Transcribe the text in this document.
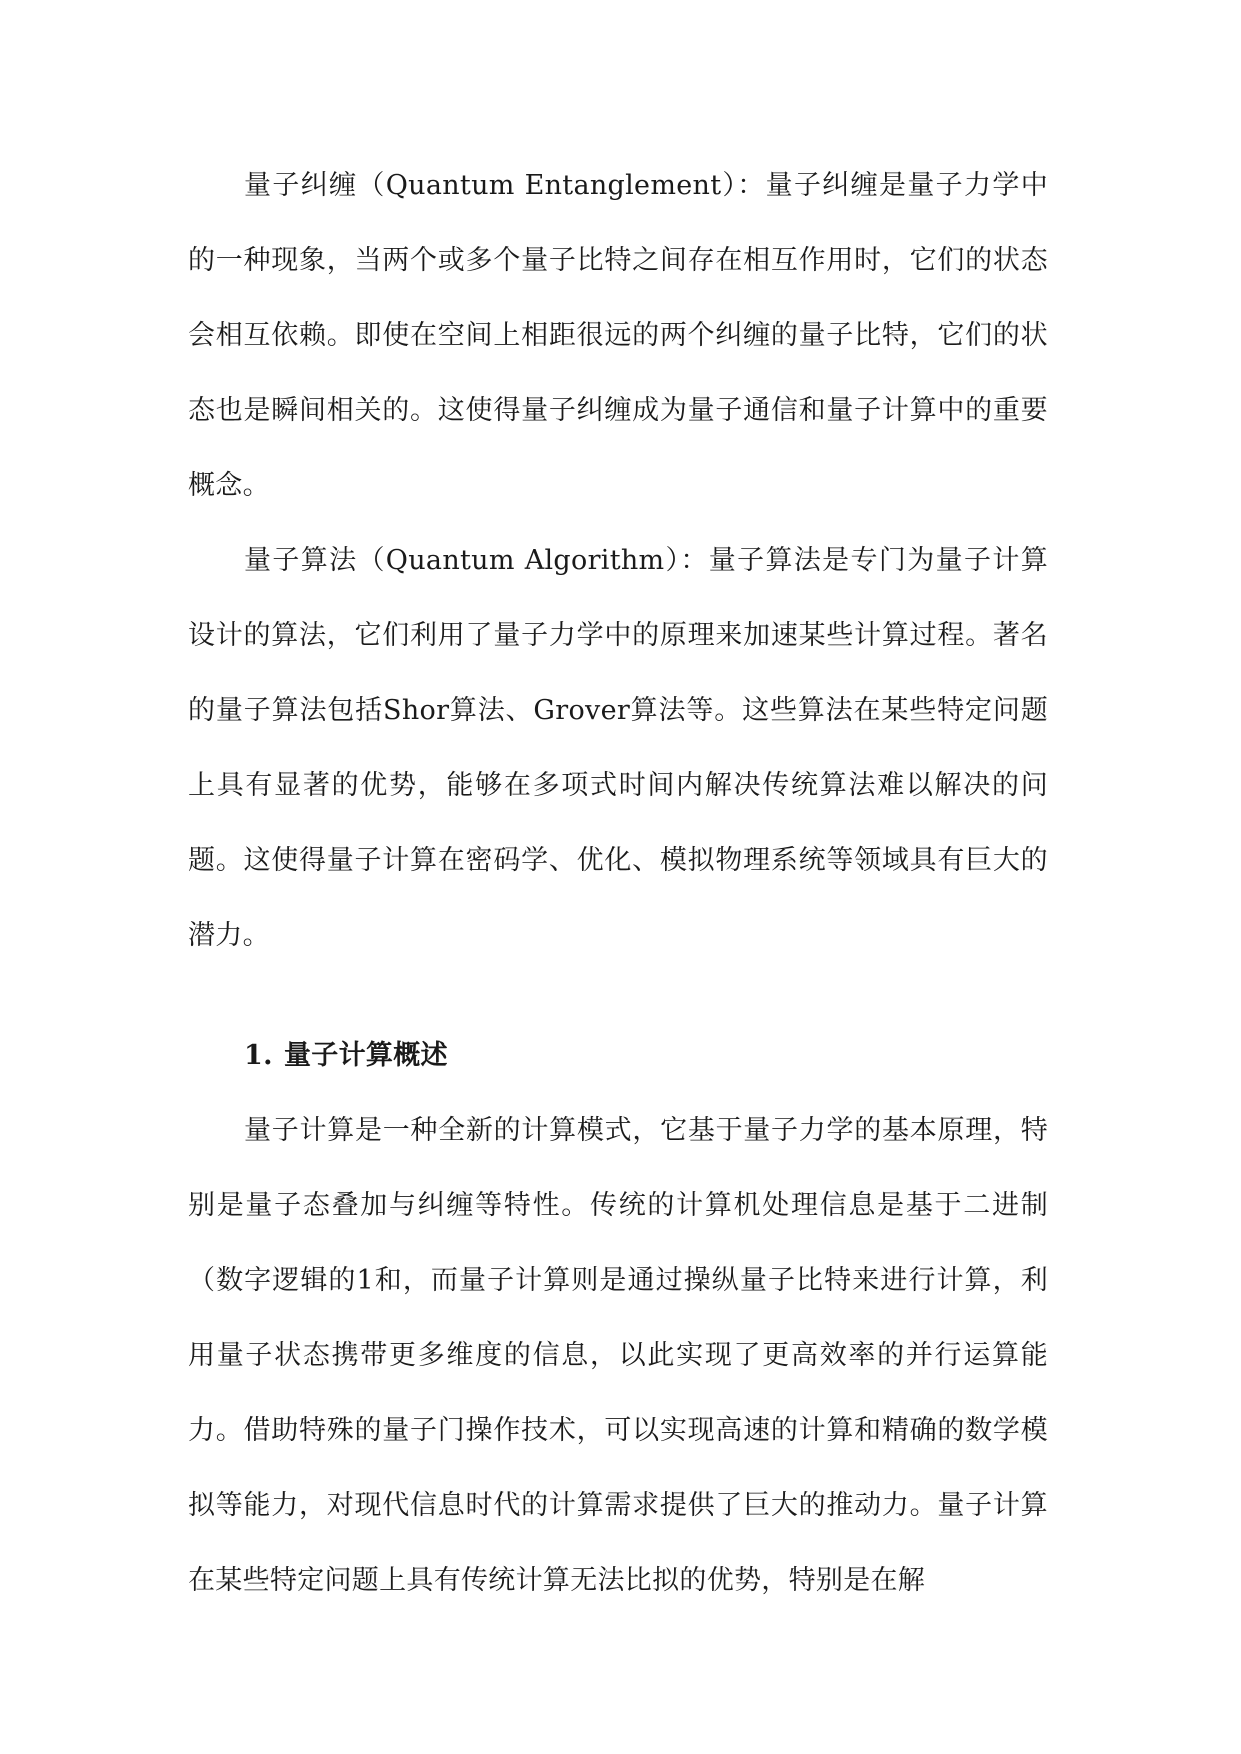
量子纠缠（Quantum Entanglement）：量子纠缠是量子力学中的一种现象，当两个或多个量子比特之间存在相互作用时，它们的状态会相互依赖。即使在空间上相距很远的两个纠缠的量子比特，它们的状态也是瞬间相关的。这使得量子纠缠成为量子通信和量子计算中的重要概念。

量子算法（Quantum Algorithm）：量子算法是专门为量子计算设计的算法，它们利用了量子力学中的原理来加速某些计算过程。著名的量子算法包括Shor算法、Grover算法等。这些算法在某些特定问题上具有显著的优势，能够在多项式时间内解决传统算法难以解决的问题。这使得量子计算在密码学、优化、模拟物理系统等领域具有巨大的潜力。

1. 量子计算概述

量子计算是一种全新的计算模式，它基于量子力学的基本原理，特别是量子态叠加与纠缠等特性。传统的计算机处理信息是基于二进制（数字逻辑的1和，而量子计算则是通过操纵量子比特来进行计算，利用量子状态携带更多维度的信息，以此实现了更高效率的并行运算能力。借助特殊的量子门操作技术，可以实现高速的计算和精确的数学模拟等能力，对现代信息时代的计算需求提供了巨大的推动力。量子计算在某些特定问题上具有传统计算无法比拟的优势，特别是在解
